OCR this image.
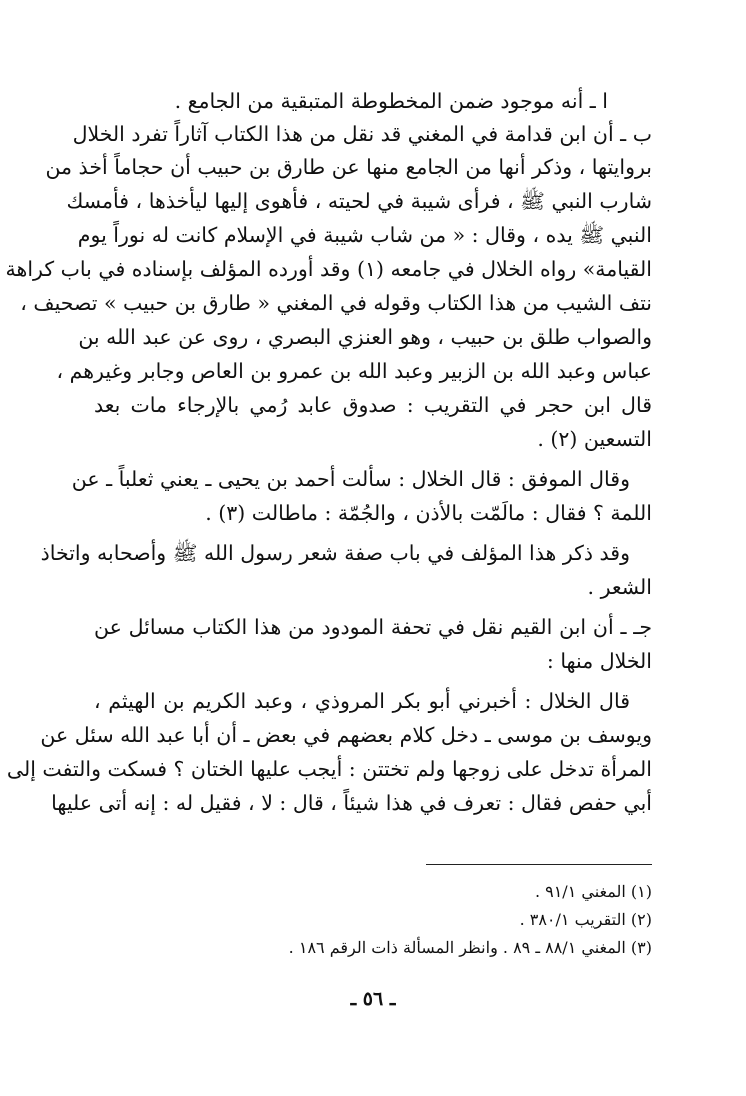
ا ـ أنه موجود ضمن المخطوطة المتبقية من الجامع .
ب ـ أن ابن قدامة في المغني قد نقل من هذا الكتاب آثاراً تفرد الخلال
بروايتها ، وذكر أنها من الجامع منها عن طارق بن حبيب أن حجاماً أخذ من
شارب النبي ﷺ ، فرأى شيبة في لحيته ، فأهوى إليها ليأخذها ، فأمسك
النبي ﷺ يده ، وقال : « من شاب شيبة في الإسلام كانت له نوراً يوم
القيامة» رواه الخلال في جامعه (١) وقد أورده المؤلف بإسناده في باب كراهة
نتف الشيب من هذا الكتاب وقوله في المغني « طارق بن حبيب » تصحيف ،
والصواب طلق بن حبيب ، وهو العنزي البصري ، روى عن عبد الله بن
عباس وعبد الله بن الزبير وعبد الله بن عمرو بن العاص وجابر وغيرهم ،
قال ابن حجر في التقريب : صدوق عابد رُمي بالإرجاء مات بعد
التسعين (٢) .
وقال الموفق : قال الخلال : سألت أحمد بن يحيى ـ يعني ثعلباً ـ عن
اللمة ؟ فقال : مالَمّت بالأذن ، والجُمّة : ماطالت (٣) .
وقد ذكر هذا المؤلف في باب صفة شعر رسول الله ﷺ وأصحابه واتخاذ
الشعر .
جـ ـ أن ابن القيم نقل في تحفة المودود من هذا الكتاب مسائل عن
الخلال منها :
قال الخلال : أخبرني أبو بكر المروذي ، وعبد الكريم بن الهيثم ،
ويوسف بن موسى ـ دخل كلام بعضهم في بعض ـ أن أبا عبد الله سئل عن
المرأة تدخل على زوجها ولم تختتن : أيجب عليها الختان ؟ فسكت والتفت إلى
أبي حفص فقال : تعرف في هذا شيئاً ، قال : لا ، فقيل له : إنه أتى عليها
(١) المغني ٩١/١ .
(٢) التقريب ٣٨٠/١ .
(٣) المغني ٨٨/١ ـ ٨٩ . وانظر المسألة ذات الرقم ١٨٦ .
ـ ٥٦ ـ
